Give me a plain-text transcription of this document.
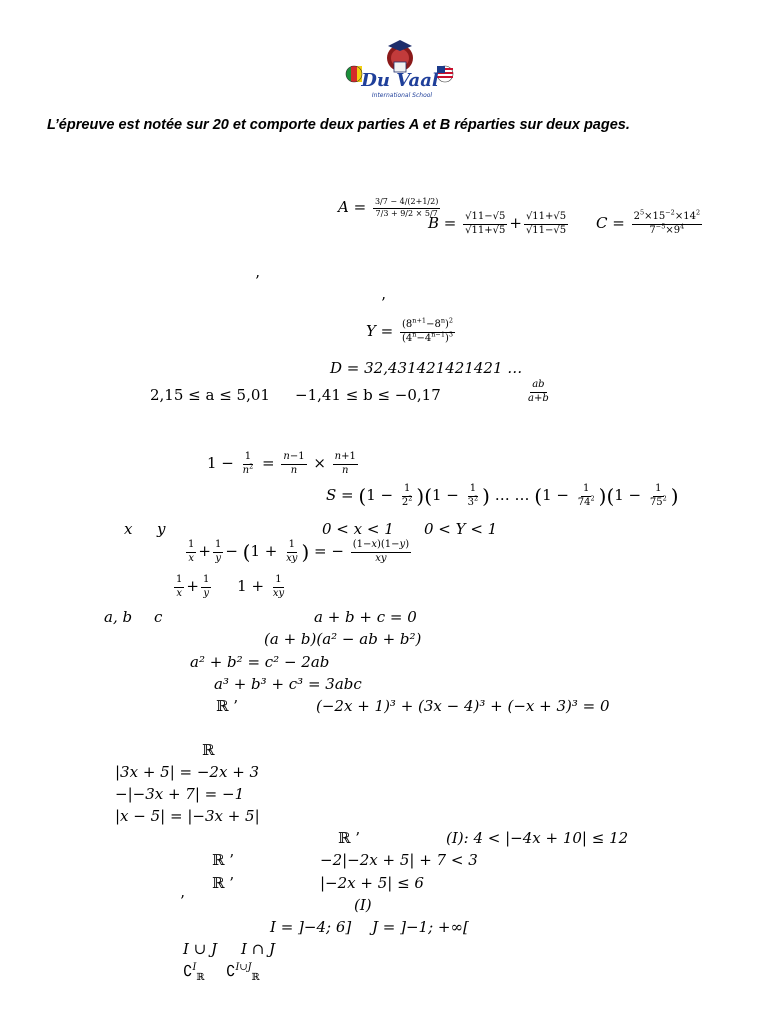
Du Vaal
International School
L’épreuve est notée sur 20 et comporte deux parties A et B réparties sur deux pages.
$A = \frac{3/7 - 4/(2+1/2)}{7/3 + 9/2 \times 5/7}$
$B = \frac{√11-√5}{√11+√5} + \frac{√11+√5}{√11-√5}$ $C = \frac{2^5\times 15^{-2}\times 14^2}{7^{-5}\times 9^4}$
’
’
$Y = \frac{(8^{n+1}-8^n)^2}{(4^n-4^{n-1})^3}$
D = 32,431421421421 …
2,15 ≤ a ≤ 5,01 −1,41 ≤ b ≤ −0,17	$\frac{ab}{a+b}$
$1 - \frac{1}{n^2} = \frac{n-1}{n} \times \frac{n+1}{n}$
$S = (1 - \frac{1}{2^2} )(1 - \frac{1}{3^2}$ ) … … $(1 - \frac{1}{74^2} )(1 - \frac{1}{75^2}$ )
x y	0 < x < 1 0 < Y < 1
$\frac{1}{x} + \frac{1}{y} - (1 + \frac{1}{xy}$ ) = − $\frac{(1-x)(1-y)}{xy}$
$\frac{1}{x} + \frac{1}{y} 1 + \frac{1}{xy}$
a, b c	a + b + c = 0
(a + b)(a² − ab + b²)
a² + b² = c² − 2ab
a³ + b³ + c³ = 3abc
ℝ ’	(−2x + 1)³ + (3x − 4)³ + (−x + 3)³ = 0
ℝ
|3x + 5| = −2x + 3
−|−3x + 7| = −1
|x − 5| = |−3x + 5|
ℝ ’	(I): 4 < |−4x + 10| ≤ 12
ℝ ’	−2|−2x + 5| + 7 < 3
ℝ ’	|−2x + 5| ≤ 6
’	(I)
I = ]−4; 6] J = ]−1; +∞[
I ∪ J I ∩ J
∁$^I_ℝ$ ∁$^{I\cup J}_ℝ$
